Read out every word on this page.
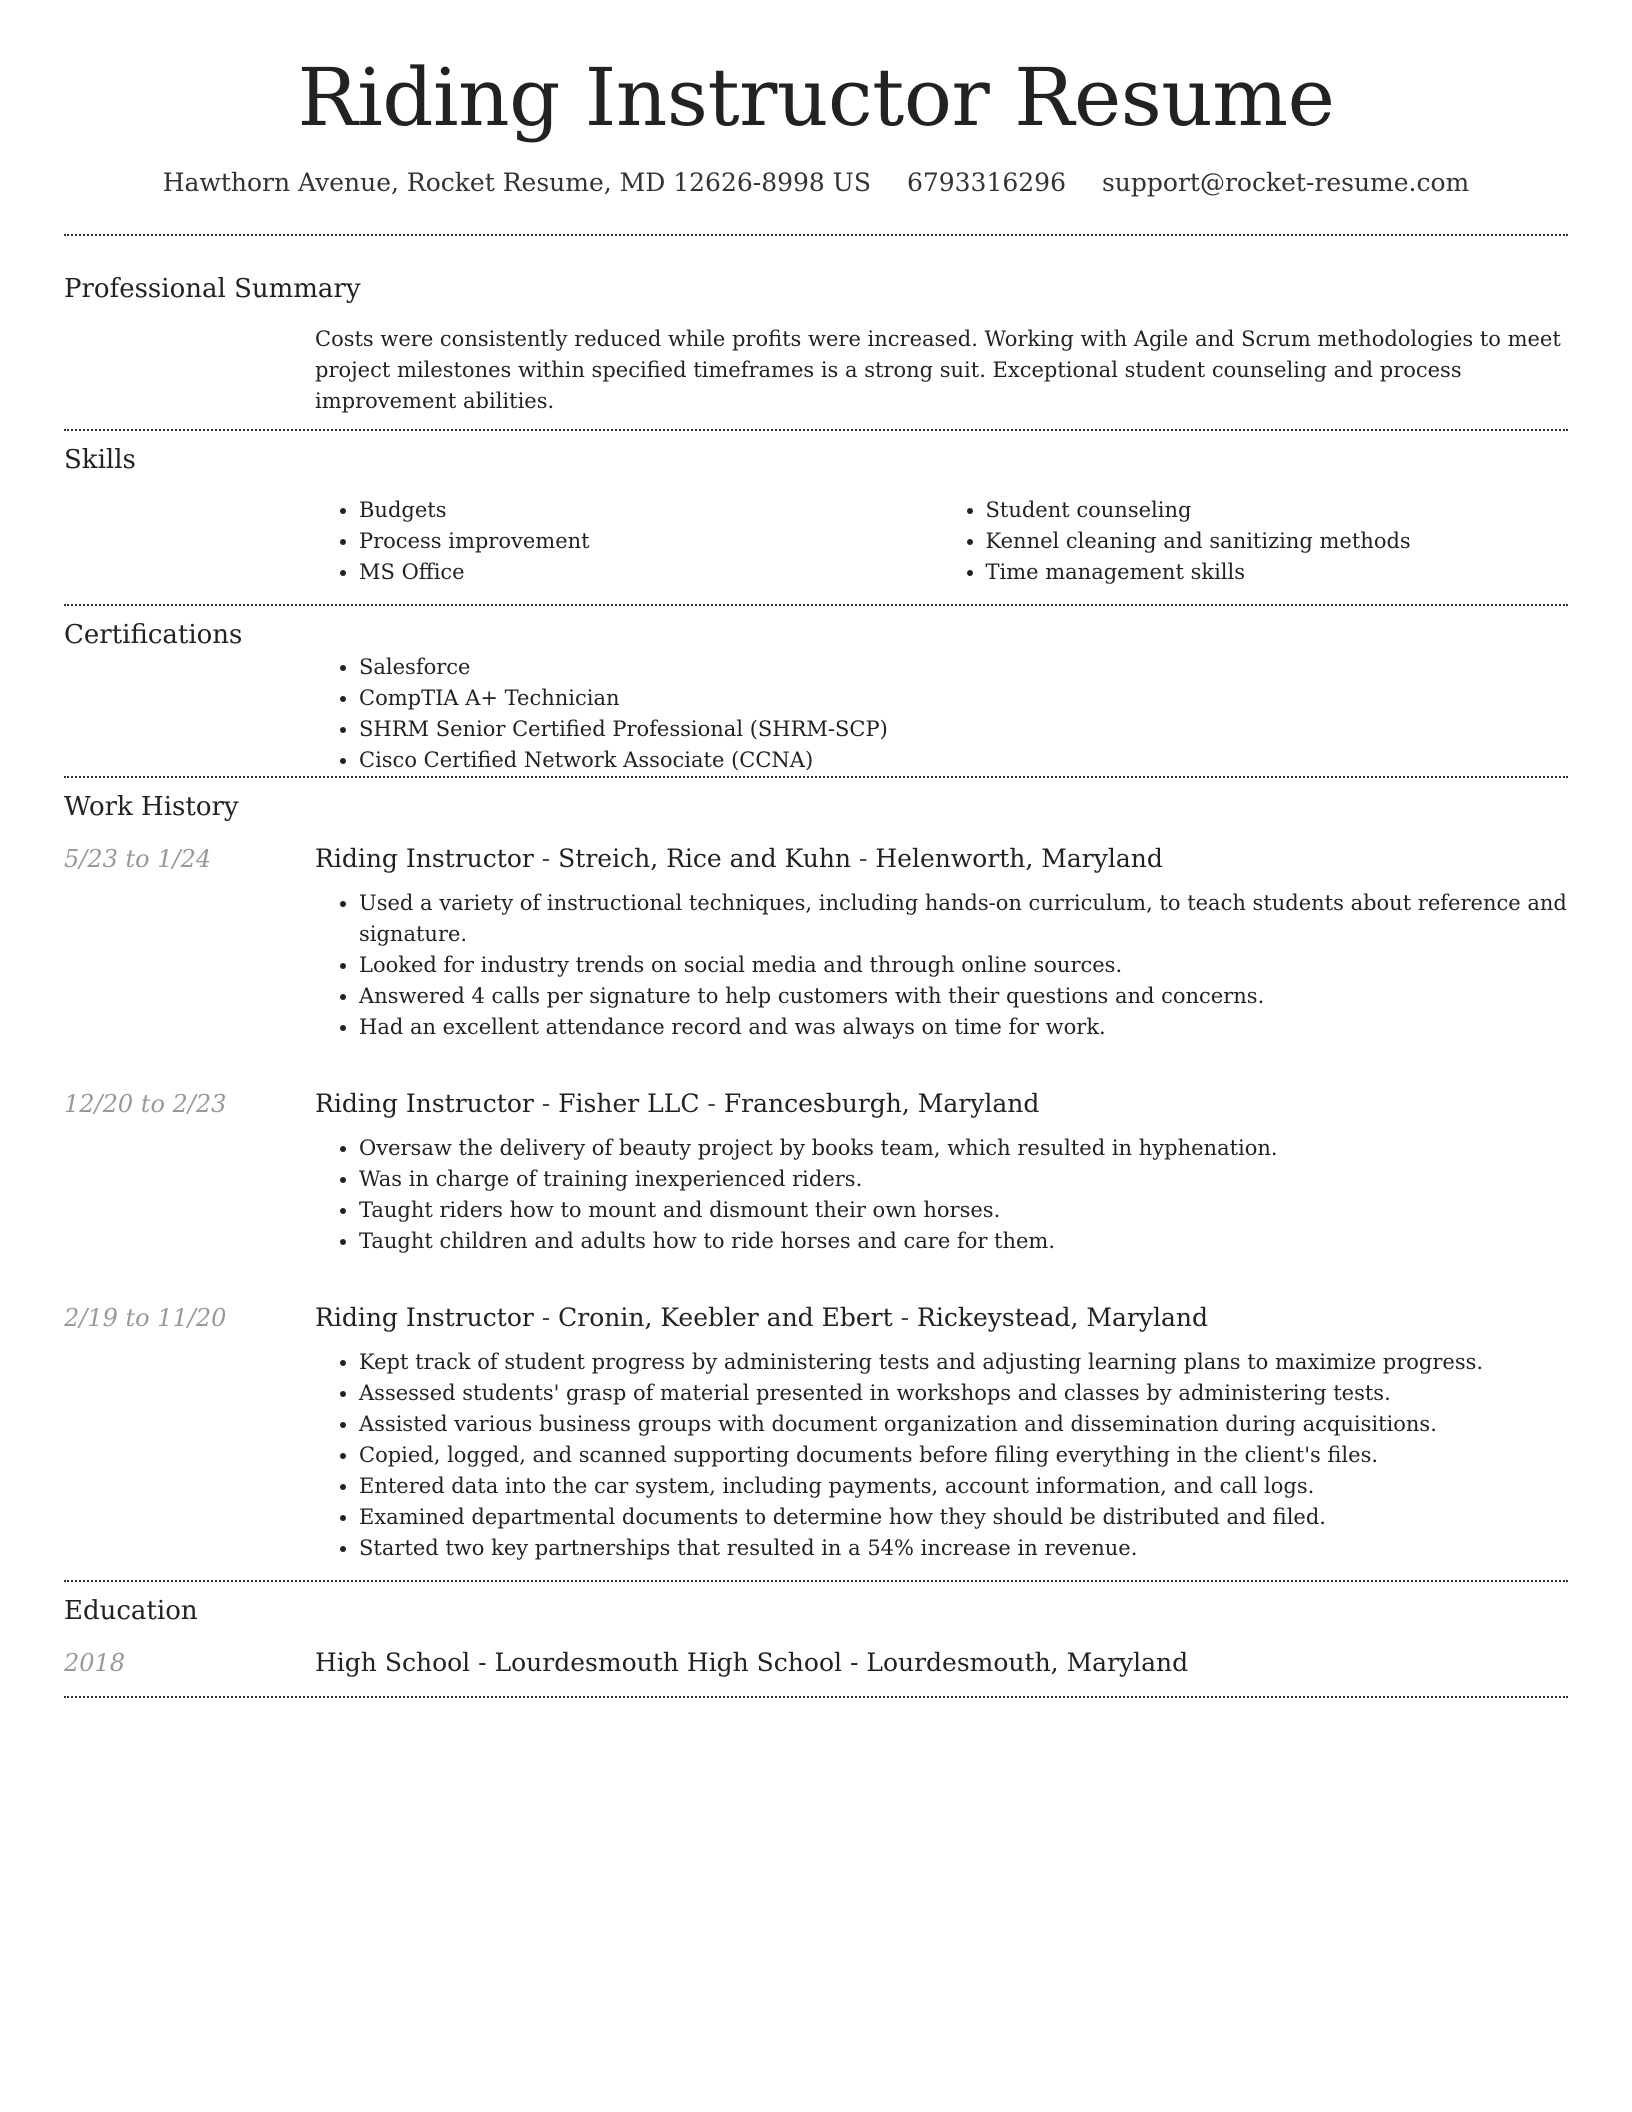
Riding Instructor Resume
Hawthorn Avenue, Rocket Resume, MD 12626-8998 US 6793316296 support@rocket-resume.com
Professional Summary

Costs were consistently reduced while profits were increased. Working with Agile and Scrum methodologies to meet project milestones within specified timeframes is a strong suit. Exceptional student counseling and process improvement abilities.

Skills
• Budgets
• Process improvement
• MS Office
• Student counseling
• Kennel cleaning and sanitizing methods
• Time management skills
Certifications
• Salesforce
• CompTIA A+ Technician
• SHRM Senior Certified Professional (SHRM-SCP)
• Cisco Certified Network Associate (CCNA)
Work History
5/23 to 1/24	Riding Instructor - Streich, Rice and Kuhn - Helenworth, Maryland
• Used a variety of instructional techniques, including hands-on curriculum, to teach students about reference and signature.
• Looked for industry trends on social media and through online sources.
• Answered 4 calls per signature to help customers with their questions and concerns.
• Had an excellent attendance record and was always on time for work.
12/20 to 2/23	Riding Instructor - Fisher LLC - Francesburgh, Maryland
• Oversaw the delivery of beauty project by books team, which resulted in hyphenation.
• Was in charge of training inexperienced riders.
• Taught riders how to mount and dismount their own horses.
• Taught children and adults how to ride horses and care for them.
2/19 to 11/20	Riding Instructor - Cronin, Keebler and Ebert - Rickeystead, Maryland
• Kept track of student progress by administering tests and adjusting learning plans to maximize progress.
• Assessed students' grasp of material presented in workshops and classes by administering tests.
• Assisted various business groups with document organization and dissemination during acquisitions.
• Copied, logged, and scanned supporting documents before filing everything in the client's files.
• Entered data into the car system, including payments, account information, and call logs.
• Examined departmental documents to determine how they should be distributed and filed.
• Started two key partnerships that resulted in a 54% increase in revenue.
Education
2018	High School - Lourdesmouth High School - Lourdesmouth, Maryland
